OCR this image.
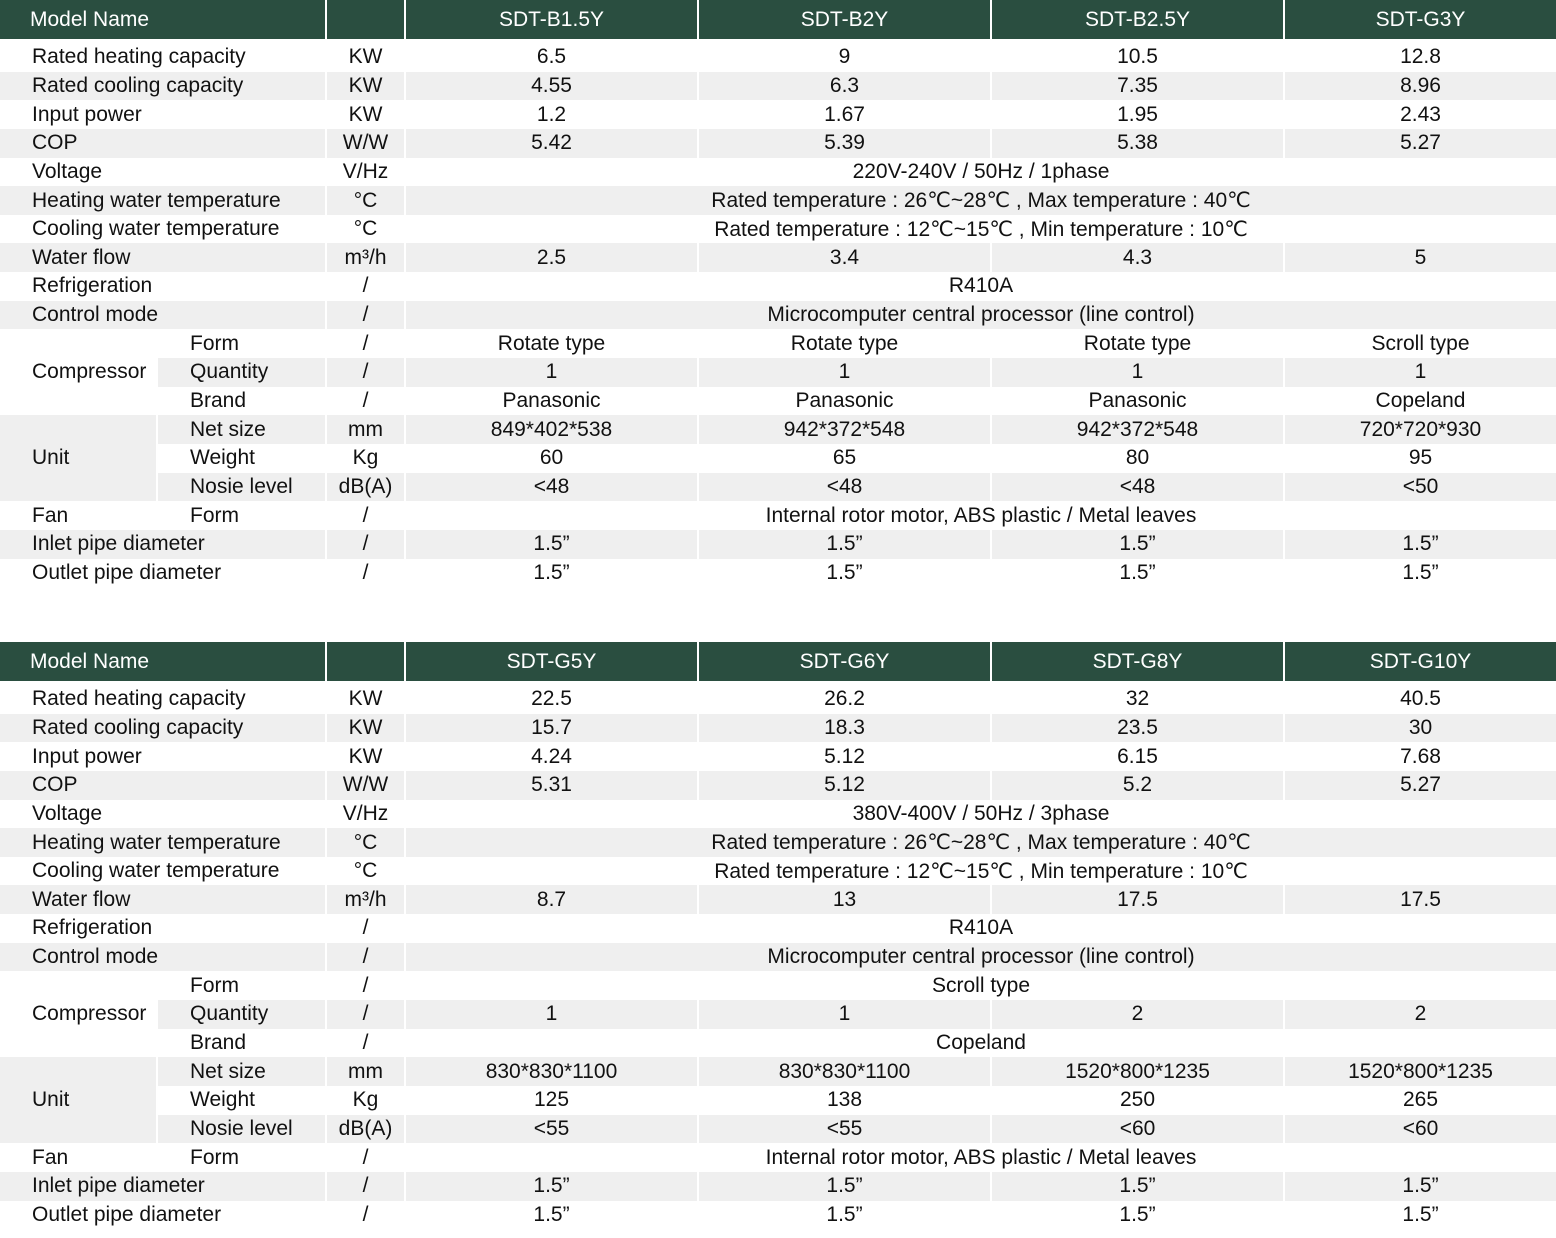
Model Name	SDT-B1.5Y	SDT-B2Y	SDT-B2.5Y	SDT-G3Y
Rated heating capacity	KW	6.5	9	10.5	12.8
Rated cooling capacity	KW	4.55	6.3	7.35	8.96
Input power	KW	1.2	1.67	1.95	2.43
COP	W/W	5.42	5.39	5.38	5.27
Voltage	V/Hz	220V-240V / 50Hz / 1phase
Heating water temperature	°C	Rated temperature : 26℃~28℃ , Max temperature : 40℃
Cooling water temperature	°C	Rated temperature : 12℃~15℃ , Min temperature : 10℃
Water flow	m³/h	2.5	3.4	4.3	5
Refrigeration	/	R410A
Control mode	/	Microcomputer central processor (line control)
Compressor
Form	/	Rotate type	Rotate type	Rotate type	Scroll type
Quantity	/	1	1	1	1
Brand	/	Panasonic	Panasonic	Panasonic	Copeland
Unit
Net size	mm	849*402*538	942*372*548	942*372*548	720*720*930
Weight	Kg	60	65	80	95
Nosie level	dB(A)	<48	<48	<48	<50
Fan	Form	/	Internal rotor motor, ABS plastic / Metal leaves
Inlet pipe diameter	/	1.5”	1.5”	1.5”	1.5”
Outlet pipe diameter	/	1.5”	1.5”	1.5”	1.5”
Model Name	SDT-G5Y	SDT-G6Y	SDT-G8Y	SDT-G10Y
Rated heating capacity	KW	22.5	26.2	32	40.5
Rated cooling capacity	KW	15.7	18.3	23.5	30
Input power	KW	4.24	5.12	6.15	7.68
COP	W/W	5.31	5.12	5.2	5.27
Voltage	V/Hz	380V-400V / 50Hz / 3phase
Heating water temperature	°C	Rated temperature : 26℃~28℃ , Max temperature : 40℃
Cooling water temperature	°C	Rated temperature : 12℃~15℃ , Min temperature : 10℃
Water flow	m³/h	8.7	13	17.5	17.5
Refrigeration	/	R410A
Control mode	/	Microcomputer central processor (line control)
Compressor
Form	/	Scroll type
Quantity	/	1	1	2	2
Brand	/	Copeland
Unit
Net size	mm	830*830*1100	830*830*1100	1520*800*1235	1520*800*1235
Weight	Kg	125	138	250	265
Nosie level	dB(A)	<55	<55	<60	<60
Fan	Form	/	Internal rotor motor, ABS plastic / Metal leaves
Inlet pipe diameter	/	1.5”	1.5”	1.5”	1.5”
Outlet pipe diameter	/	1.5”	1.5”	1.5”	1.5”
